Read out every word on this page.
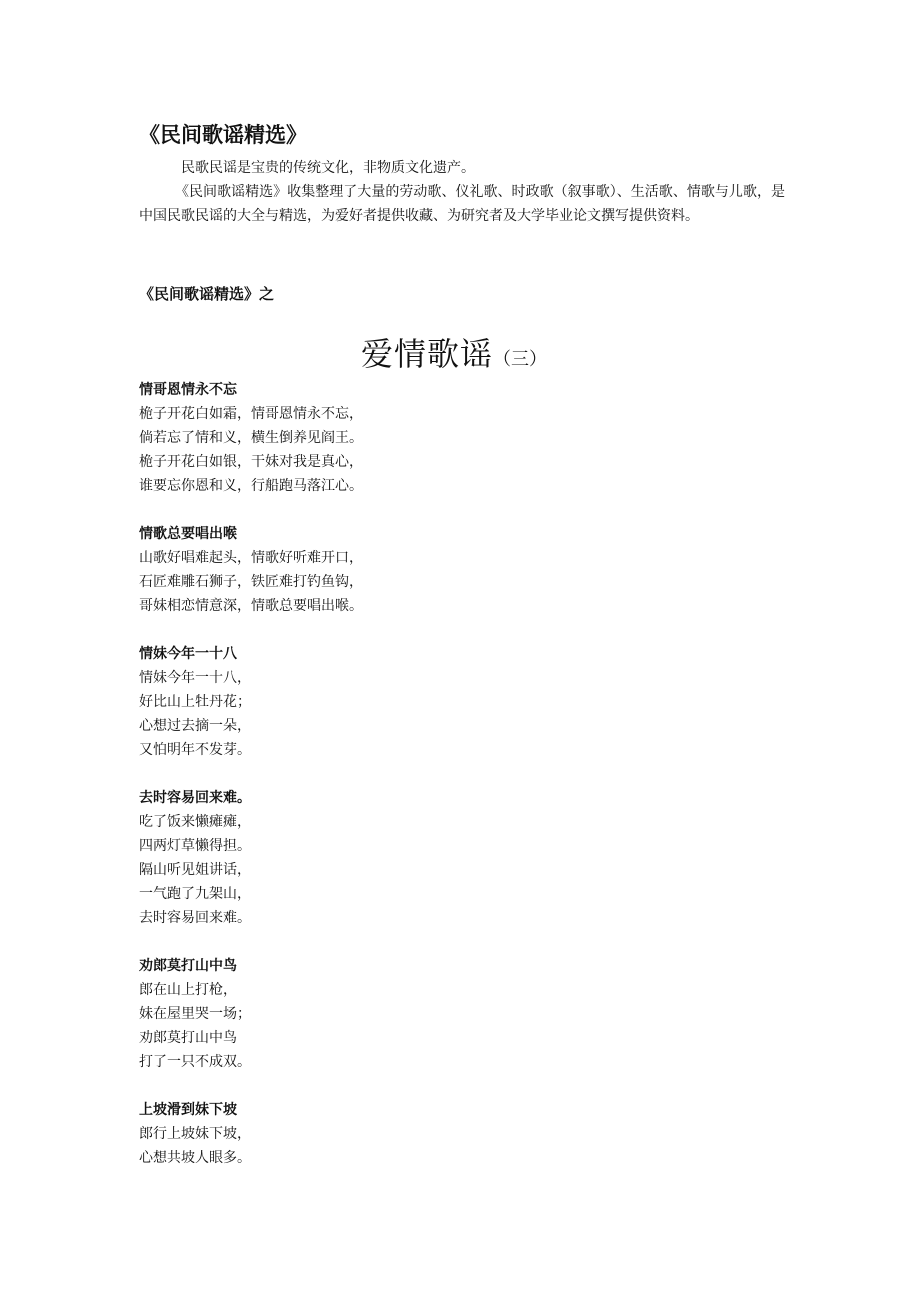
《民间歌谣精选》

民歌民谣是宝贵的传统文化，非物质文化遗产。

《民间歌谣精选》收集整理了大量的劳动歌、仪礼歌、时政歌（叙事歌）、生活歌、情歌与儿歌，是中国民歌民谣的大全与精选，为爱好者提供收藏、为研究者及大学毕业论文撰写提供资料。

《民间歌谣精选》之
爱情歌谣（三）
情哥恩情永不忘
桅子开花白如霜，情哥恩情永不忘，
倘若忘了情和义，横生倒养见阎王。
桅子开花白如银，干妹对我是真心，
谁要忘你恩和义，行船跑马落江心。
情歌总要唱出喉
山歌好唱难起头，情歌好听难开口，
石匠难雕石狮子，铁匠难打钓鱼钩，
哥妹相恋情意深，情歌总要唱出喉。
情妹今年一十八
情妹今年一十八，
好比山上牡丹花；
心想过去摘一朵，
又怕明年不发芽。
去时容易回来难。
吃了饭来懒瘫瘫，
四两灯草懒得担。
隔山听见姐讲话，
一气跑了九架山，
去时容易回来难。
劝郎莫打山中鸟
郎在山上打枪，
妹在屋里哭一场；
劝郎莫打山中鸟
打了一只不成双。
上坡滑到妹下坡
郎行上坡妹下坡，
心想共坡人眼多。
